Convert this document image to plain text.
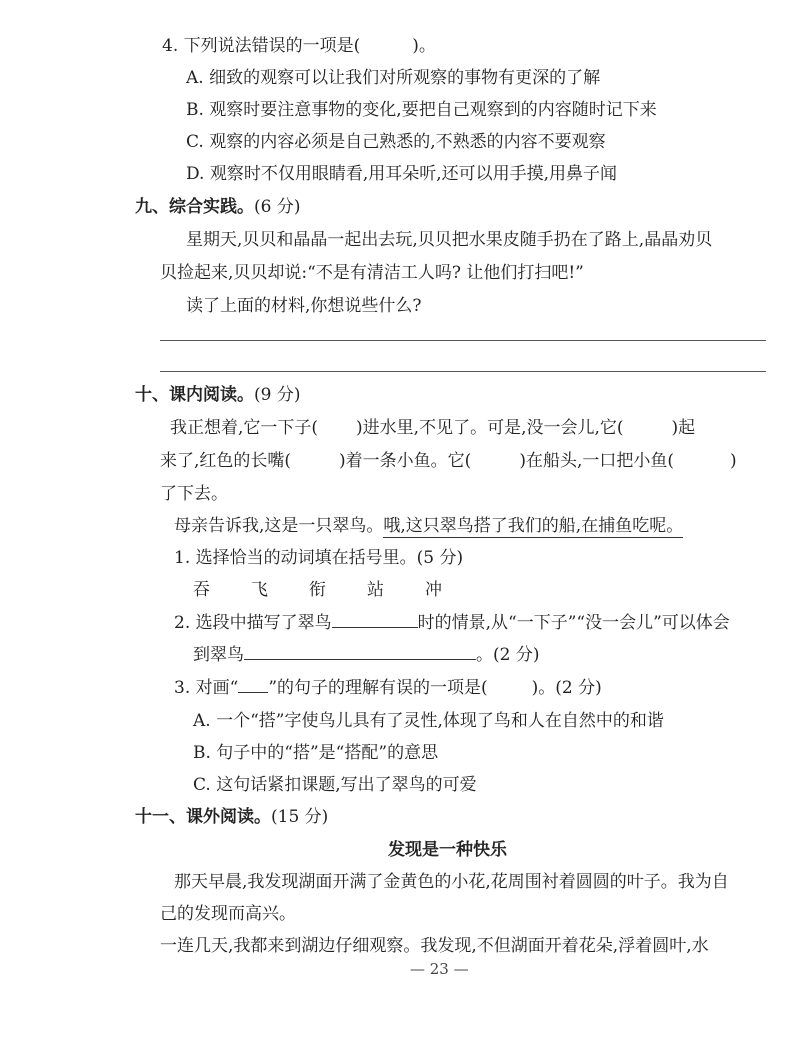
4. 下列说法错误的一项是(	)。
A. 细致的观察可以让我们对所观察的事物有更深的了解
B. 观察时要注意事物的变化,要把自己观察到的内容随时记下来
C. 观察的内容必须是自己熟悉的,不熟悉的内容不要观察
D. 观察时不仅用眼睛看,用耳朵听,还可以用手摸,用鼻子闻
九、综合实践。(6 分)
星期天,贝贝和晶晶一起出去玩,贝贝把水果皮随手扔在了路上,晶晶劝贝
贝捡起来,贝贝却说:“不是有清洁工人吗? 让他们打扫吧!”
读了上面的材料,你想说些什么?
十、课内阅读。(9 分)
我正想着,它一下子( )进水里,不见了。可是,没一会儿,它(	)起
来了,红色的长嘴(	)着一条小鱼。它(	)在船头,一口把小鱼(	)
了下去。
母亲告诉我,这是一只翠鸟。哦,这只翠鸟搭了我们的船,在捕鱼吃呢。
1. 选择恰当的动词填在括号里。(5 分)
吞 飞 衔 站 冲
2. 选段中描写了翠鸟	时的情景,从“一下子”“没一会儿”可以体会
到翠鸟	。(2 分)
3. 对画“ ”的句子的理解有误的一项是(	)。(2 分)
A. 一个“搭”字使鸟儿具有了灵性,体现了鸟和人在自然中的和谐
B. 句子中的“搭”是“搭配”的意思
C. 这句话紧扣课题,写出了翠鸟的可爱
十一、课外阅读。(15 分)
发现是一种快乐
那天早晨,我发现湖面开满了金黄色的小花,花周围衬着圆圆的叶子。我为自
己的发现而高兴。
一连几天,我都来到湖边仔细观察。我发现,不但湖面开着花朵,浮着圆叶,水
— 23 —
